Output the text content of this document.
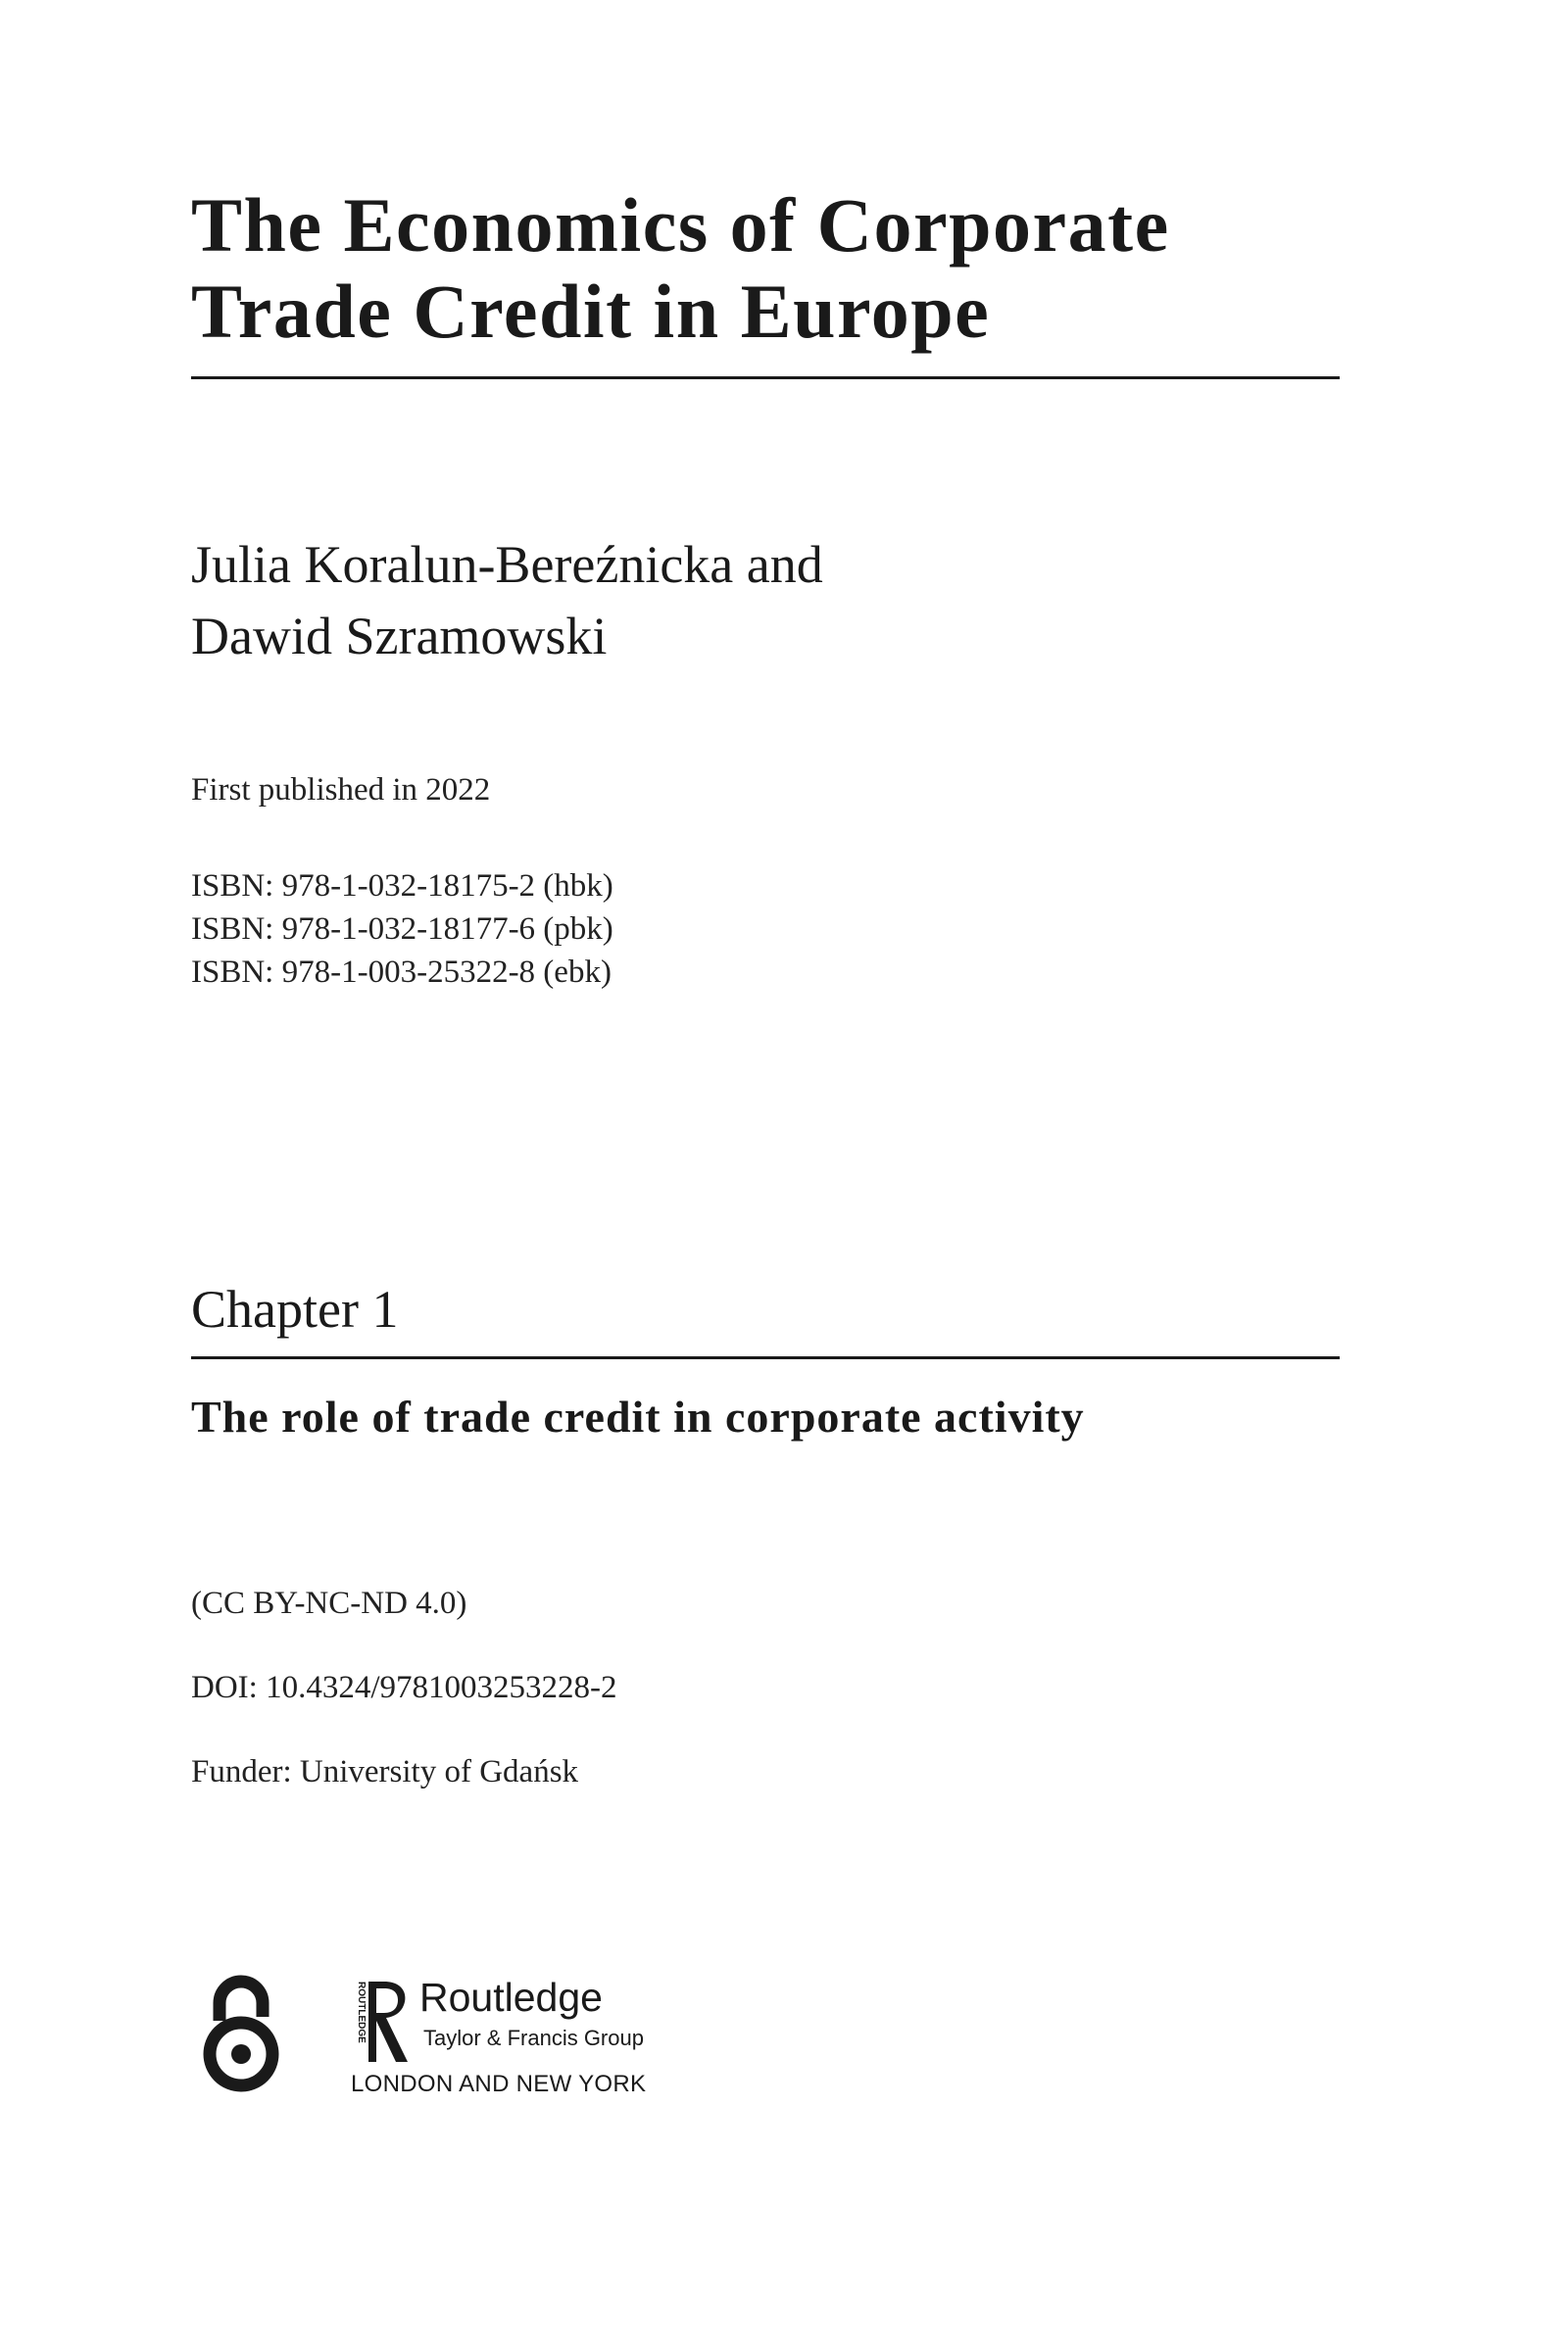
The Economics of Corporate
Trade Credit in Europe
Julia Koralun-Bereźnicka and
Dawid Szramowski
First published in 2022
ISBN: 978-1-032-18175-2 (hbk)
ISBN: 978-1-032-18177-6 (pbk)
ISBN: 978-1-003-25322-8 (ebk)
Chapter 1
The role of trade credit in corporate activity
(CC BY-NC-ND 4.0)
DOI: 10.4324/9781003253228-2
Funder: University of Gdańsk
ROUTLEDGE Routledge
Taylor & Francis Group
LONDON AND NEW YORK
